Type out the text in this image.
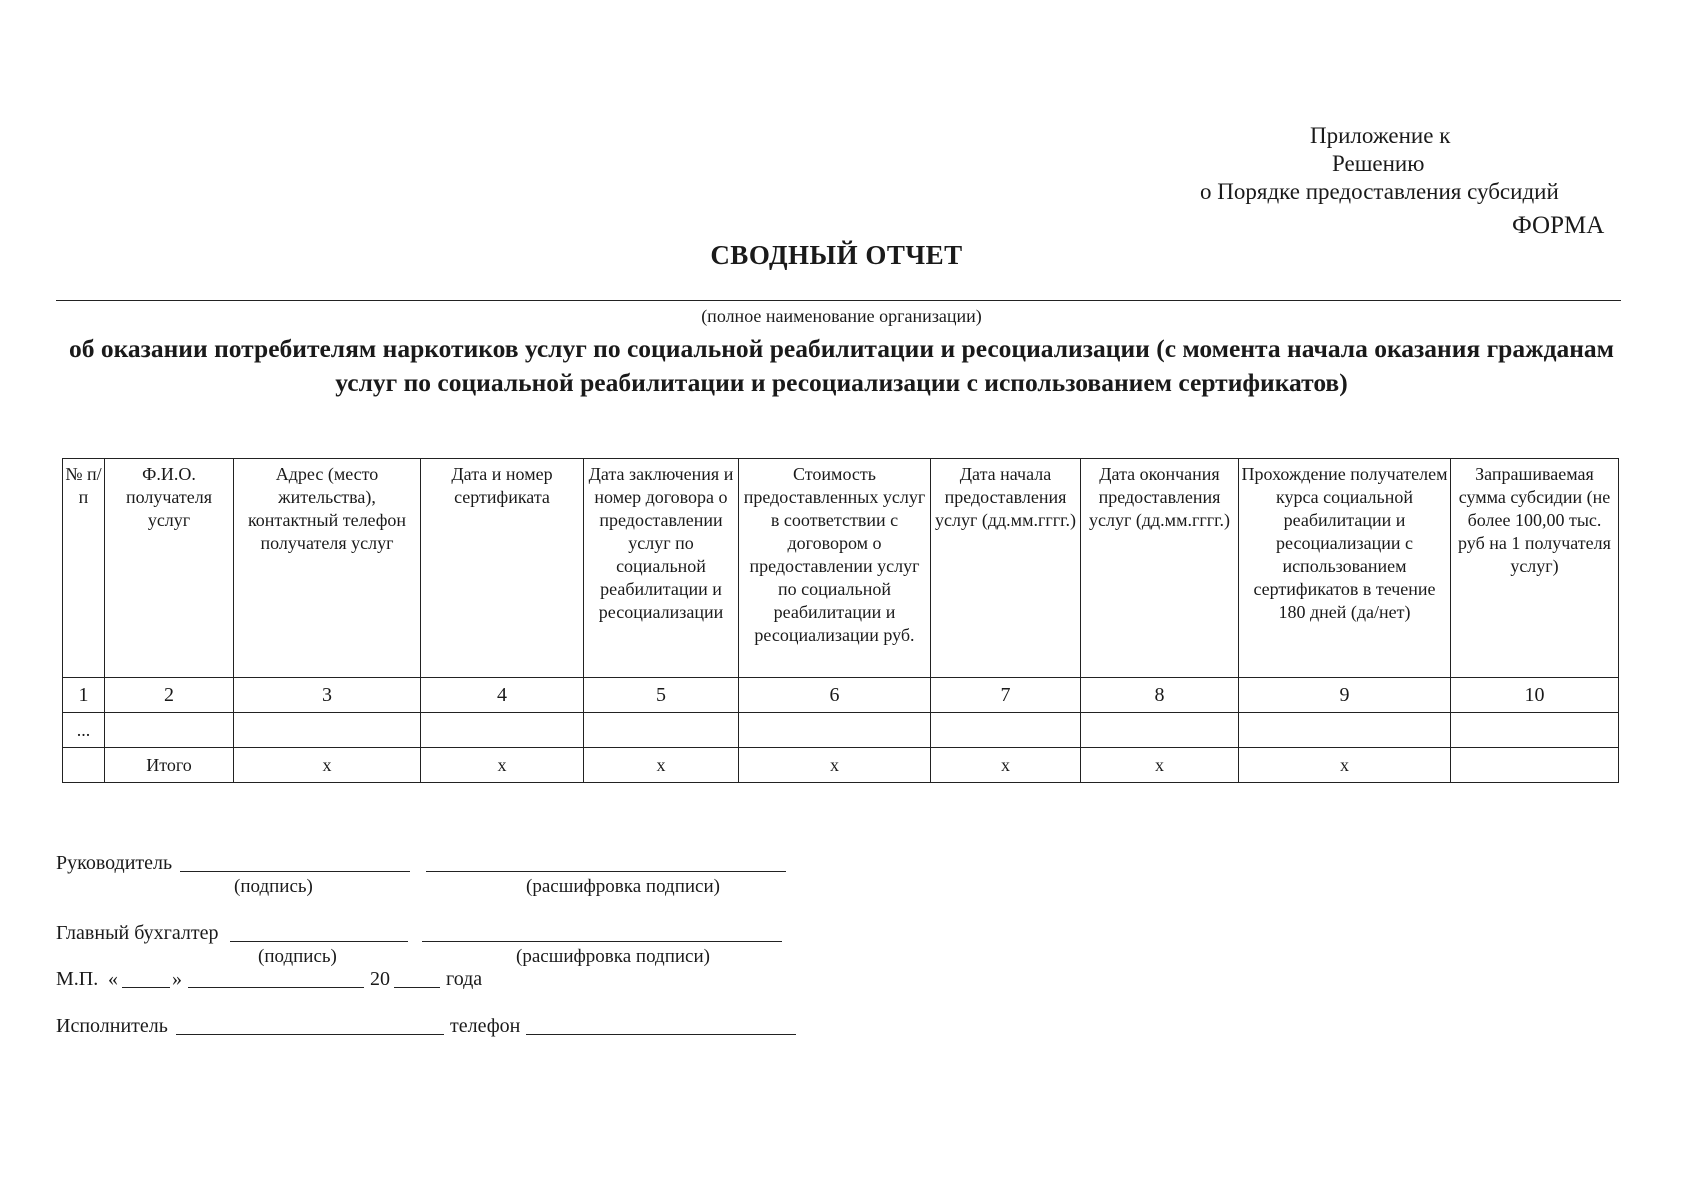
Приложение к
Решению
о Порядке предоставления субсидий
ФОРМА
СВОДНЫЙ ОТЧЕТ
(полное наименование организации)
об оказании потребителям наркотиков услуг по социальной реабилитации и ресоциализации (с момента начала оказания гражданам услуг по социальной реабилитации и ресоциализации с использованием сертификатов)
№ п/п	Ф.И.О. получателя услуг	Адрес (место жительства), контактный телефон получателя услуг	Дата и номер сертификата	Дата заключения и номер договора о предоставлении услуг по социальной реабилитации и ресоциализации	Стоимость предоставленных услуг в соответствии с договором о предоставлении услуг по социальной реабилитации и ресоциализации руб.	Дата начала предоставления услуг (дд.мм.гггг.)	Дата окончания предоставления услуг (дд.мм.гггг.)	Прохождение получателем курса социальной реабилитации и ресоциализации с использованием сертификатов в течение 180 дней (да/нет)	Запрашиваемая сумма субсидии (не более 100,00 тыс. руб на 1 получателя услуг)
1	2	3	4	5	6	7	8	9	10
...									
	Итого	x	x	x	x	x	x	x	
Руководитель
(подпись)	(расшифровка подписи)
Главный бухгалтер
(подпись)	(расшифровка подписи)
М.П. «	»	20	года
Исполнитель	телефон
